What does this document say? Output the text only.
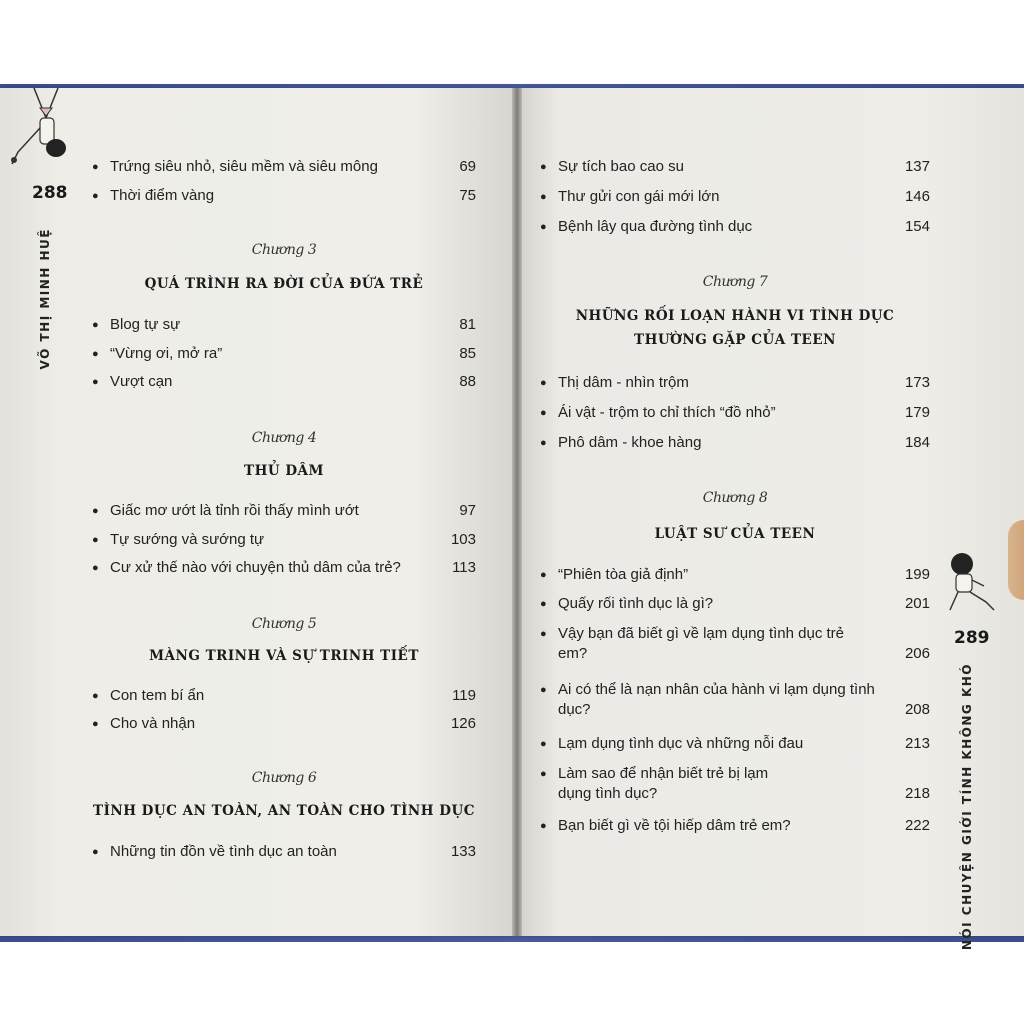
288
VÕ THỊ MINH HUỆ
289
NÓI CHUYỆN GIỚI TÍNH KHÔNG KHÓ
● Trứng siêu nhỏ, siêu mềm và siêu mông	69
● Thời điểm vàng	75
Chương 3
QUÁ TRÌNH RA ĐỜI CỦA ĐỨA TRẺ
● Blog tự sự	81
● “Vừng ơi, mở ra”	85
● Vượt cạn	88
Chương 4
THỦ DÂM
● Giấc mơ ướt là tỉnh rồi thấy mình ướt	97
● Tự sướng và sướng tự	103
● Cư xử thế nào với chuyện thủ dâm của trẻ?	113
Chương 5
MÀNG TRINH VÀ SỰ TRINH TIẾT
● Con tem bí ẩn	119
● Cho và nhận	126
Chương 6
TÌNH DỤC AN TOÀN, AN TOÀN CHO TÌNH DỤC
● Những tin đồn về tình dục an toàn	133
● Sự tích bao cao su	137
● Thư gửi con gái mới lớn	146
● Bệnh lây qua đường tình dục	154
Chương 7
NHỮNG RỐI LOẠN HÀNH VI TÌNH DỤC
THƯỜNG GẶP CỦA TEEN
● Thị dâm - nhìn trộm	173
● Ái vật - trộm to chỉ thích “đồ nhỏ”	179
● Phô dâm - khoe hàng	184
Chương 8
LUẬT SƯ CỦA TEEN
● “Phiên tòa giả định”	199
● Quấy rối tình dục là gì?	201
● Vậy bạn đã biết gì về lạm dụng tình dục trẻ em?	206
● Ai có thể là nạn nhân của hành vi lạm dụng tình dục?	208
● Lạm dụng tình dục và những nỗi đau	213
● Làm sao để nhận biết trẻ bị lạm dụng tình dục?	218
● Bạn biết gì về tội hiếp dâm trẻ em?	222
